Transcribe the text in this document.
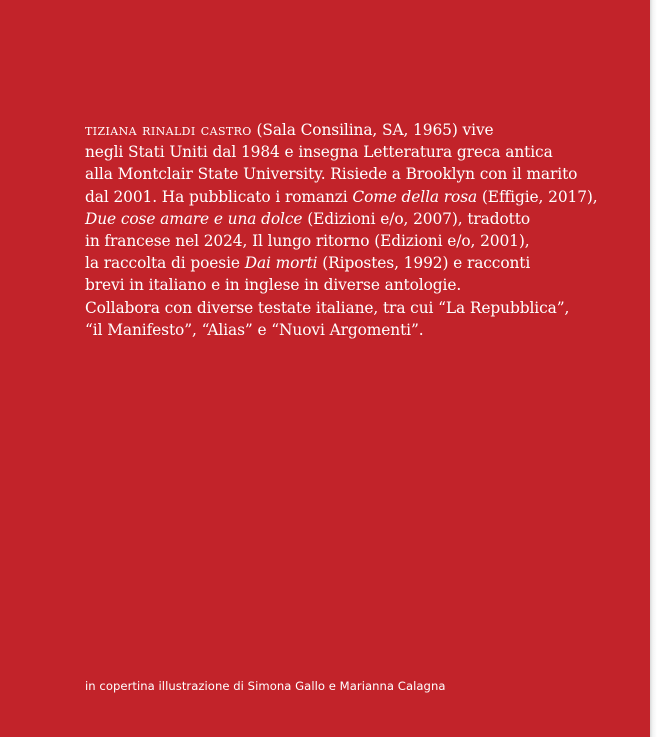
tiziana rinaldi castro (Sala Consilina, SA, 1965) vive
negli Stati Uniti dal 1984 e insegna Letteratura greca antica
alla Montclair State University. Risiede a Brooklyn con il marito
dal 2001. Ha pubblicato i romanzi Come della rosa (Effigie, 2017),
Due cose amare e una dolce (Edizioni e/o, 2007), tradotto
in francese nel 2024, Il lungo ritorno (Edizioni e/o, 2001),
la raccolta di poesie Dai morti (Ripostes, 1992) e racconti
brevi in italiano e in inglese in diverse antologie.
Collabora con diverse testate italiane, tra cui “La Repubblica”,
“il Manifesto”, “Alias” e “Nuovi Argomenti”.

in copertina illustrazione di Simona Gallo e Marianna Calagna
